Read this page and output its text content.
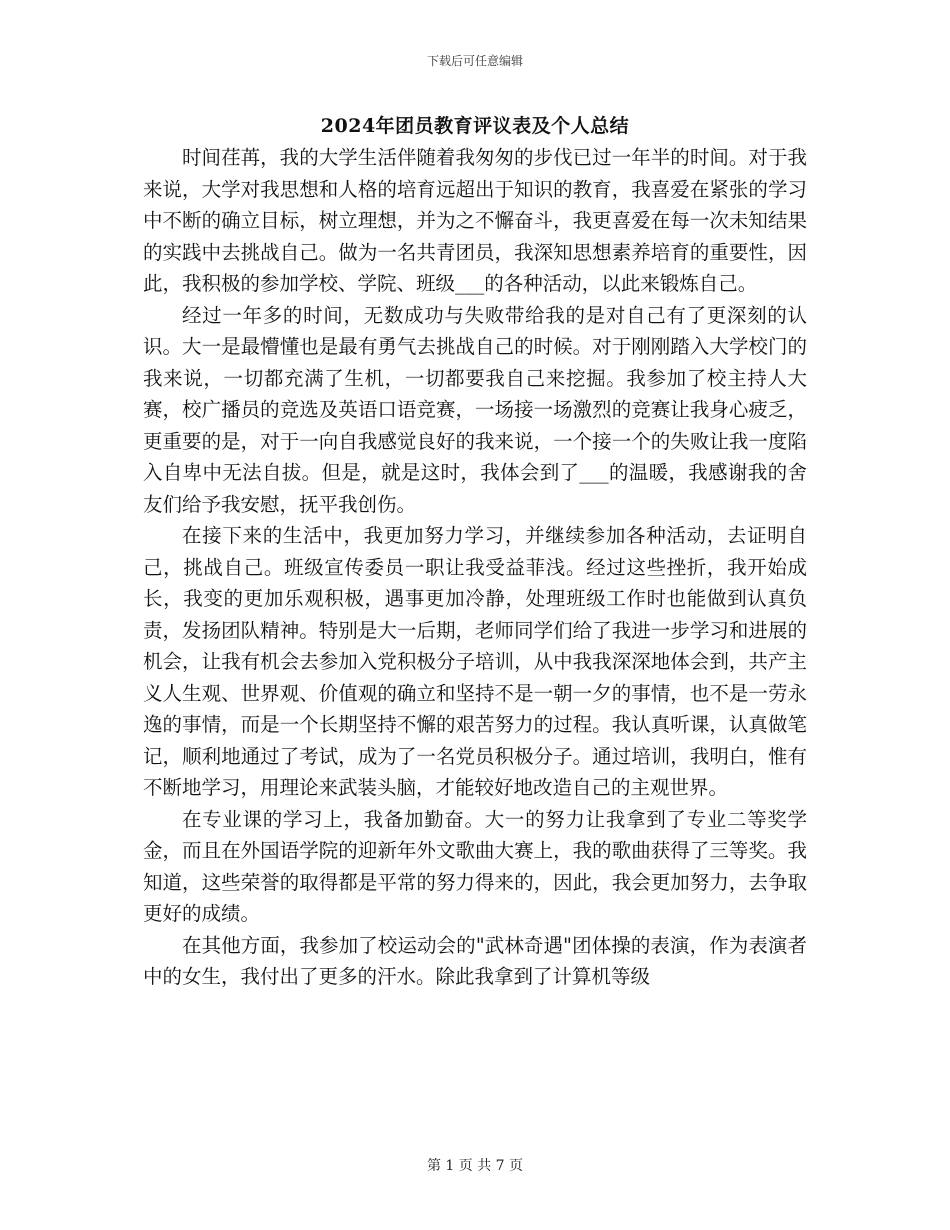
下载后可任意编辑
2024年团员教育评议表及个人总结

时间荏苒，我的大学生活伴随着我匆匆的步伐已过一年半的时间。对于我来说，大学对我思想和人格的培育远超出于知识的教育，我喜爱在紧张的学习中不断的确立目标，树立理想，并为之不懈奋斗，我更喜爱在每一次未知结果的实践中去挑战自己。做为一名共青团员，我深知思想素养培育的重要性，因此，我积极的参加学校、学院、班级___的各种活动，以此来锻炼自己。

经过一年多的时间，无数成功与失败带给我的是对自己有了更深刻的认识。大一是最懵懂也是最有勇气去挑战自己的时候。对于刚刚踏入大学校门的我来说，一切都充满了生机，一切都要我自己来挖掘。我参加了校主持人大赛，校广播员的竞选及英语口语竞赛，一场接一场激烈的竞赛让我身心疲乏，更重要的是，对于一向自我感觉良好的我来说，一个接一个的失败让我一度陷入自卑中无法自拔。但是，就是这时，我体会到了___的温暖，我感谢我的舍友们给予我安慰，抚平我创伤。

在接下来的生活中，我更加努力学习，并继续参加各种活动，去证明自己，挑战自己。班级宣传委员一职让我受益菲浅。经过这些挫折，我开始成长，我变的更加乐观积极，遇事更加冷静，处理班级工作时也能做到认真负责，发扬团队精神。特别是大一后期，老师同学们给了我进一步学习和进展的机会，让我有机会去参加入党积极分子培训，从中我我深深地体会到，共产主义人生观、世界观、价值观的确立和坚持不是一朝一夕的事情，也不是一劳永逸的事情，而是一个长期坚持不懈的艰苦努力的过程。我认真听课，认真做笔记，顺利地通过了考试，成为了一名党员积极分子。通过培训，我明白，惟有不断地学习，用理论来武装头脑，才能较好地改造自己的主观世界。

在专业课的学习上，我备加勤奋。大一的努力让我拿到了专业二等奖学金，而且在外国语学院的迎新年外文歌曲大赛上，我的歌曲获得了三等奖。我知道，这些荣誉的取得都是平常的努力得来的，因此，我会更加努力，去争取更好的成绩。

在其他方面，我参加了校运动会的"武林奇遇"团体操的表演，作为表演者中的女生，我付出了更多的汗水。除此我拿到了计算机等级

第 1 页 共 7 页
